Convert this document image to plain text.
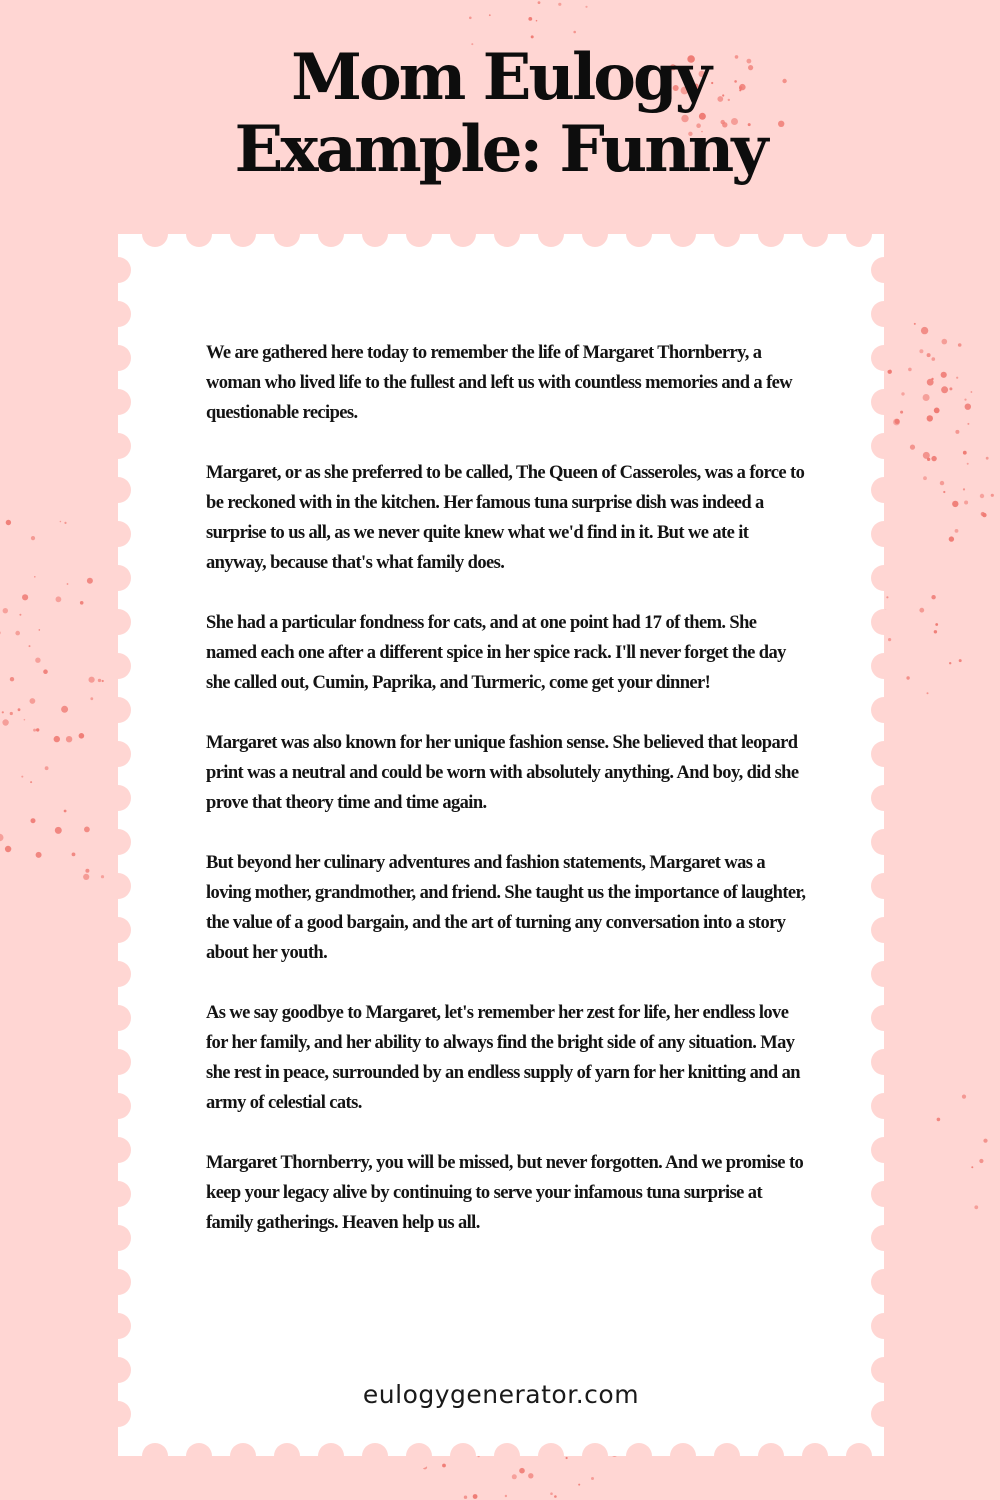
Mom Eulogy
Example: Funny

We are gathered here today to remember the life of Margaret Thornberry, a woman who lived life to the fullest and left us with countless memories and a few questionable recipes.

Margaret, or as she preferred to be called, The Queen of Casseroles, was a force to be reckoned with in the kitchen. Her famous tuna surprise dish was indeed a surprise to us all, as we never quite knew what we'd find in it. But we ate it anyway, because that's what family does.

She had a particular fondness for cats, and at one point had 17 of them. She named each one after a different spice in her spice rack. I'll never forget the day she called out, Cumin, Paprika, and Turmeric, come get your dinner!

Margaret was also known for her unique fashion sense. She believed that leopard print was a neutral and could be worn with absolutely anything. And boy, did she prove that theory time and time again.

But beyond her culinary adventures and fashion statements, Margaret was a loving mother, grandmother, and friend. She taught us the importance of laughter, the value of a good bargain, and the art of turning any conversation into a story about her youth.

As we say goodbye to Margaret, let's remember her zest for life, her endless love for her family, and her ability to always find the bright side of any situation. May she rest in peace, surrounded by an endless supply of yarn for her knitting and an army of celestial cats.

Margaret Thornberry, you will be missed, but never forgotten. And we promise to keep your legacy alive by continuing to serve your infamous tuna surprise at family gatherings. Heaven help us all.

eulogygenerator.com
